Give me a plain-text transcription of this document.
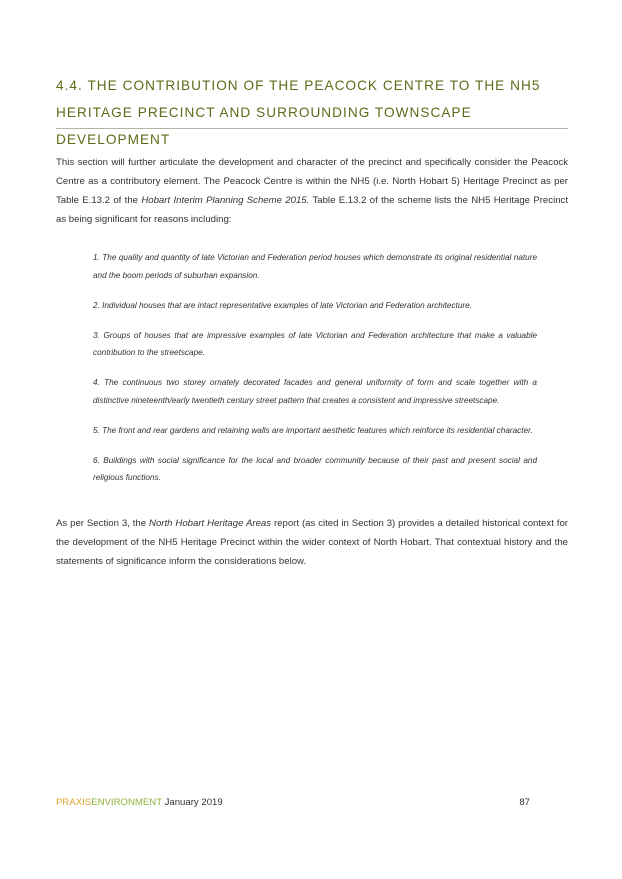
4.4. THE CONTRIBUTION OF THE PEACOCK CENTRE TO THE NH5 HERITAGE PRECINCT AND SURROUNDING TOWNSCAPE DEVELOPMENT

This section will further articulate the development and character of the precinct and specifically consider the Peacock Centre as a contributory element. The Peacock Centre is within the NH5 (i.e. North Hobart 5) Heritage Precinct as per Table E.13.2 of the Hobart Interim Planning Scheme 2015. Table E.13.2 of the scheme lists the NH5 Heritage Precinct as being significant for reasons including:

1. The quality and quantity of late Victorian and Federation period houses which demonstrate its original residential nature and the boom periods of suburban expansion.
2. Individual houses that are intact representative examples of late Victorian and Federation architecture.
3. Groups of houses that are impressive examples of late Victorian and Federation architecture that make a valuable contribution to the streetscape.
4. The continuous two storey ornately decorated facades and general uniformity of form and scale together with a distinctive nineteenth/early twentieth century street pattern that creates a consistent and impressive streetscape.
5. The front and rear gardens and retaining walls are important aesthetic features which reinforce its residential character.
6. Buildings with social significance for the local and broader community because of their past and present social and religious functions.

As per Section 3, the North Hobart Heritage Areas report (as cited in Section 3) provides a detailed historical context for the development of the NH5 Heritage Precinct within the wider context of North Hobart. That contextual history and the statements of significance inform the considerations below.

PRAXISENVIRONMENT January 2019	87
